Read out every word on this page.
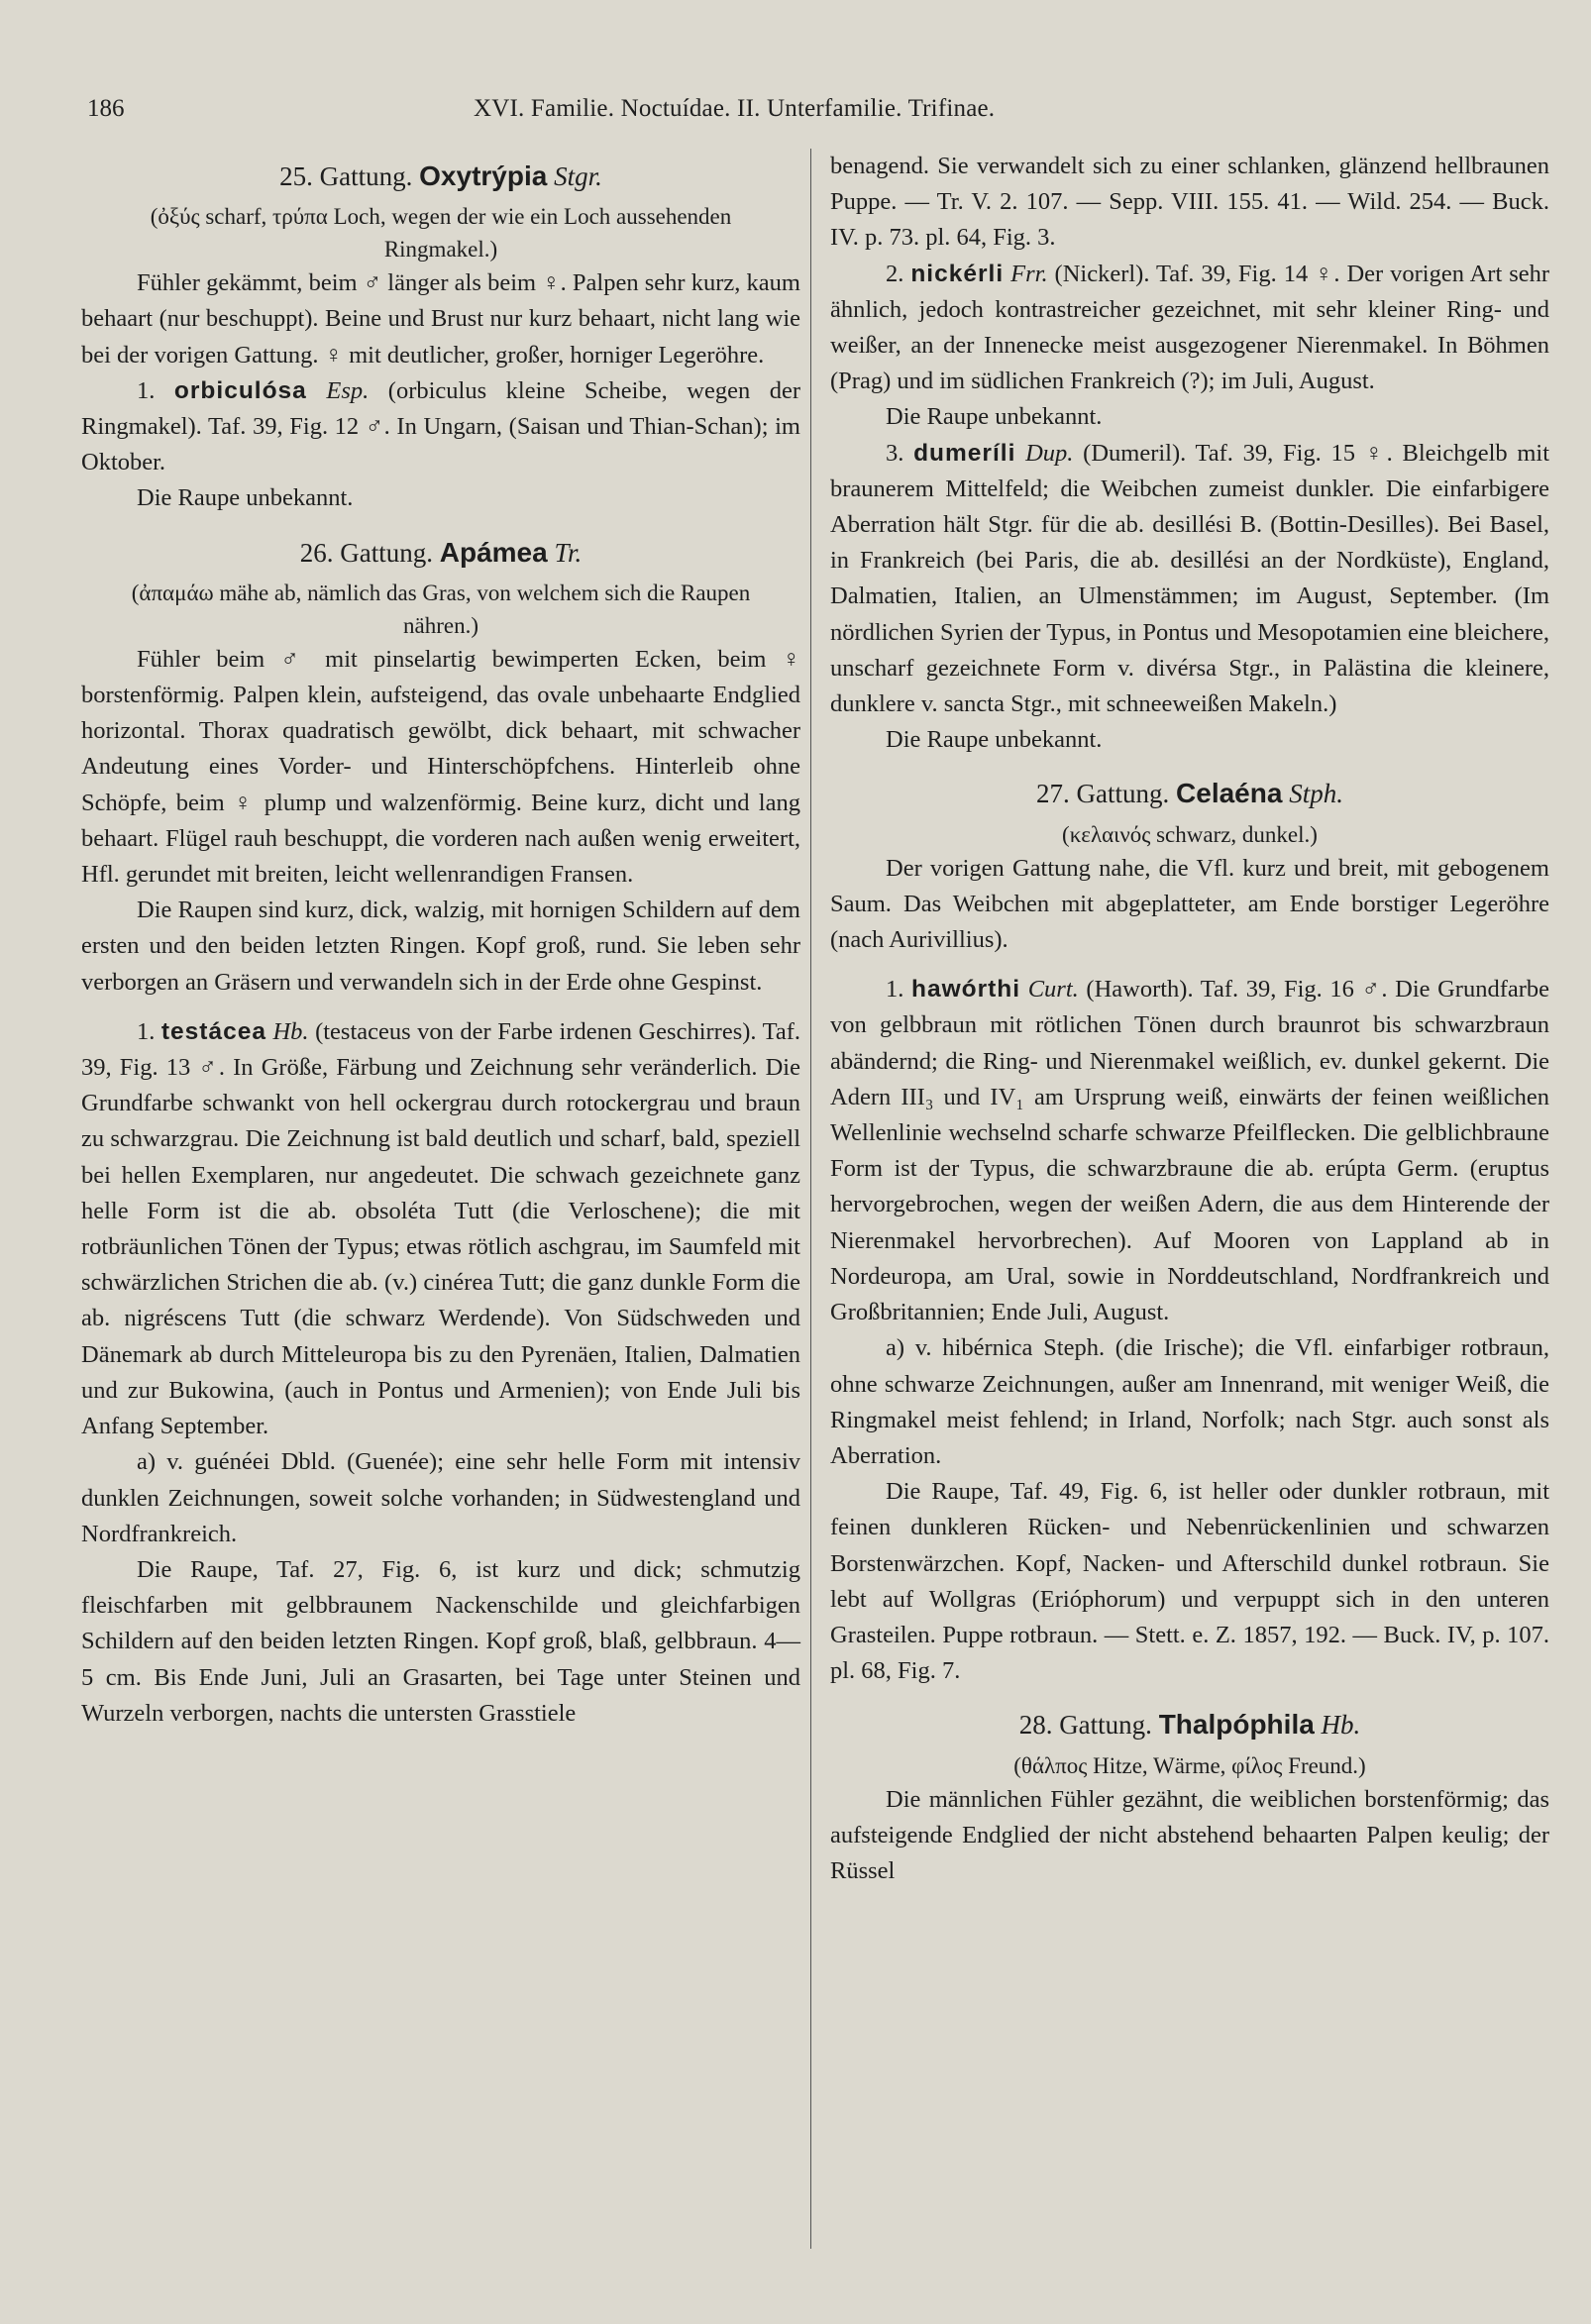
186	XVI. Familie. Noctuídae. II. Unterfamilie. Trifinae.
25. Gattung. Oxytrýpia Stgr.

(ὀξύς scharf, τρύπα Loch, wegen der wie ein Loch aussehenden Ringmakel.)

Fühler gekämmt, beim ♂ länger als beim ♀. Palpen sehr kurz, kaum behaart (nur beschuppt). Beine und Brust nur kurz behaart, nicht lang wie bei der vorigen Gattung. ♀ mit deutlicher, großer, horniger Legeröhre.

1. orbiculósa Esp. (orbiculus kleine Scheibe, wegen der Ringmakel). Taf. 39, Fig. 12 ♂. In Ungarn, (Saisan und Thian-Schan); im Oktober.

Die Raupe unbekannt.

26. Gattung. Apámea Tr.

(ἀπαμάω mähe ab, nämlich das Gras, von welchem sich die Raupen nähren.)

Fühler beim ♂ mit pinselartig bewimperten Ecken, beim ♀ borstenförmig. Palpen klein, aufsteigend, das ovale unbehaarte Endglied horizontal. Thorax quadratisch gewölbt, dick behaart, mit schwacher Andeutung eines Vorder- und Hinterschöpfchens. Hinterleib ohne Schöpfe, beim ♀ plump und walzenförmig. Beine kurz, dicht und lang behaart. Flügel rauh beschuppt, die vorderen nach außen wenig erweitert, Hfl. gerundet mit breiten, leicht wellenrandigen Fransen.

Die Raupen sind kurz, dick, walzig, mit hornigen Schildern auf dem ersten und den beiden letzten Ringen. Kopf groß, rund. Sie leben sehr verborgen an Gräsern und verwandeln sich in der Erde ohne Gespinst.

1. testácea Hb. (testaceus von der Farbe irdenen Geschirres). Taf. 39, Fig. 13 ♂. In Größe, Färbung und Zeichnung sehr veränderlich. Die Grundfarbe schwankt von hell ockergrau durch rotockergrau und braun zu schwarzgrau. Die Zeichnung ist bald deutlich und scharf, bald, speziell bei hellen Exemplaren, nur angedeutet. Die schwach gezeichnete ganz helle Form ist die ab. obsoléta Tutt (die Verloschene); die mit rotbräunlichen Tönen der Typus; etwas rötlich aschgrau, im Saumfeld mit schwärzlichen Strichen die ab. (v.) cinérea Tutt; die ganz dunkle Form die ab. nigréscens Tutt (die schwarz Werdende). Von Südschweden und Dänemark ab durch Mitteleuropa bis zu den Pyrenäen, Italien, Dalmatien und zur Bukowina, (auch in Pontus und Armenien); von Ende Juli bis Anfang September.

a) v. guénéei Dbld. (Guenée); eine sehr helle Form mit intensiv dunklen Zeichnungen, soweit solche vorhanden; in Südwestengland und Nordfrankreich.

Die Raupe, Taf. 27, Fig. 6, ist kurz und dick; schmutzig fleischfarben mit gelbbraunem Nackenschilde und gleichfarbigen Schildern auf den beiden letzten Ringen. Kopf groß, blaß, gelbbraun. 4—5 cm. Bis Ende Juni, Juli an Grasarten, bei Tage unter Steinen und Wurzeln verborgen, nachts die untersten Grasstiele

benagend. Sie verwandelt sich zu einer schlanken, glänzend hellbraunen Puppe. — Tr. V. 2. 107. — Sepp. VIII. 155. 41. — Wild. 254. — Buck. IV. p. 73. pl. 64, Fig. 3.

2. nickérli Frr. (Nickerl). Taf. 39, Fig. 14 ♀. Der vorigen Art sehr ähnlich, jedoch kontrastreicher gezeichnet, mit sehr kleiner Ring- und weißer, an der Innenecke meist ausgezogener Nierenmakel. In Böhmen (Prag) und im südlichen Frankreich (?); im Juli, August.

Die Raupe unbekannt.

3. dumeríli Dup. (Dumeril). Taf. 39, Fig. 15 ♀. Bleichgelb mit braunerem Mittelfeld; die Weibchen zumeist dunkler. Die einfarbigere Aberration hält Stgr. für die ab. desillési B. (Bottin-Desilles). Bei Basel, in Frankreich (bei Paris, die ab. desillési an der Nordküste), England, Dalmatien, Italien, an Ulmenstämmen; im August, September. (Im nördlichen Syrien der Typus, in Pontus und Mesopotamien eine bleichere, unscharf gezeichnete Form v. divérsa Stgr., in Palästina die kleinere, dunklere v. sancta Stgr., mit schneeweißen Makeln.)

Die Raupe unbekannt.

27. Gattung. Celaéna Stph.

(κελαινός schwarz, dunkel.)

Der vorigen Gattung nahe, die Vfl. kurz und breit, mit gebogenem Saum. Das Weibchen mit abgeplatteter, am Ende borstiger Legeröhre (nach Aurivillius).

1. hawórthi Curt. (Haworth). Taf. 39, Fig. 16 ♂. Die Grundfarbe von gelbbraun mit rötlichen Tönen durch braunrot bis schwarzbraun abändernd; die Ring- und Nierenmakel weißlich, ev. dunkel gekernt. Die Adern III₃ und IV₁ am Ursprung weiß, einwärts der feinen weißlichen Wellenlinie wechselnd scharfe schwarze Pfeilflecken. Die gelblichbraune Form ist der Typus, die schwarzbraune die ab. erúpta Germ. (eruptus hervorgebrochen, wegen der weißen Adern, die aus dem Hinterende der Nierenmakel hervorbrechen). Auf Mooren von Lappland ab in Nordeuropa, am Ural, sowie in Norddeutschland, Nordfrankreich und Großbritannien; Ende Juli, August.

a) v. hibérnica Steph. (die Irische); die Vfl. einfarbiger rotbraun, ohne schwarze Zeichnungen, außer am Innenrand, mit weniger Weiß, die Ringmakel meist fehlend; in Irland, Norfolk; nach Stgr. auch sonst als Aberration.

Die Raupe, Taf. 49, Fig. 6, ist heller oder dunkler rotbraun, mit feinen dunkleren Rücken- und Nebenrückenlinien und schwarzen Borstenwärzchen. Kopf, Nacken- und Afterschild dunkel rotbraun. Sie lebt auf Wollgras (Erióphorum) und verpuppt sich in den unteren Grasteilen. Puppe rotbraun. — Stett. e. Z. 1857, 192. — Buck. IV, p. 107. pl. 68, Fig. 7.

28. Gattung. Thalpóphila Hb.

(θάλπος Hitze, Wärme, φίλος Freund.)

Die männlichen Fühler gezähnt, die weiblichen borstenförmig; das aufsteigende Endglied der nicht abstehend behaarten Palpen keulig; der Rüssel
